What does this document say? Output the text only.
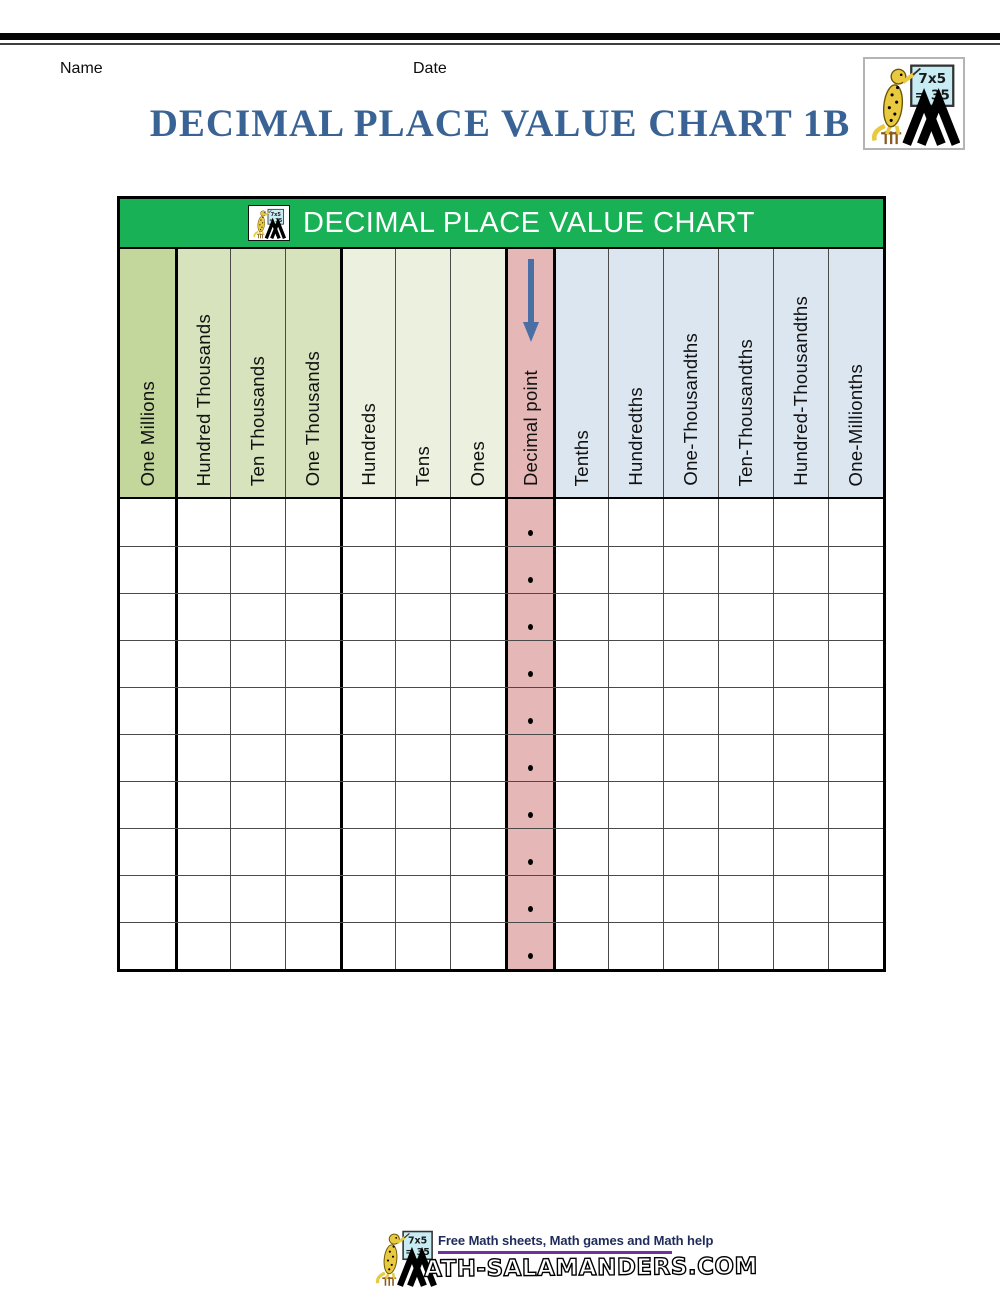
Name	Date
DECIMAL PLACE VALUE CHART 1B
DECIMAL PLACE VALUE CHART
One Millions Hundred Thousands Ten Thousands One Thousands Hundreds Tens Ones Decimal point Tenths Hundredths One-Thousandths Ten-Thousandths Hundred-Thousandths One-Millionths
Free Math sheets, Math games and Math help
ATH-SALAMANDERS.COM
